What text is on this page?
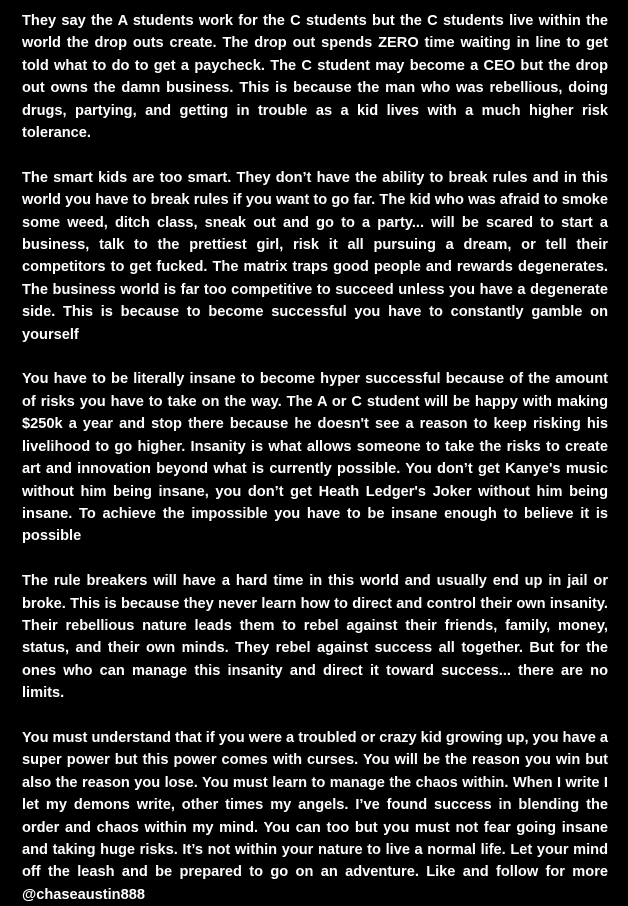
They say the A students work for the C students but the C students live within the world the drop outs create. The drop out spends ZERO time waiting in line to get told what to do to get a paycheck. The C student may become a CEO but the drop out owns the damn business. This is because the man who was rebellious, doing drugs, partying, and getting in trouble as a kid lives with a much higher risk tolerance.

The smart kids are too smart. They don’t have the ability to break rules and in this world you have to break rules if you want to go far. The kid who was afraid to smoke some weed, ditch class, sneak out and go to a party... will be scared to start a business, talk to the prettiest girl, risk it all pursuing a dream, or tell their competitors to get fucked. The matrix traps good people and rewards degenerates. The business world is far too competitive to succeed unless you have a degenerate side. This is because to become successful you have to constantly gamble on yourself

You have to be literally insane to become hyper successful because of the amount of risks you have to take on the way. The A or C student will be happy with making $250k a year and stop there because he doesn't see a reason to keep risking his livelihood to go higher. Insanity is what allows someone to take the risks to create art and innovation beyond what is currently possible. You don’t get Kanye's music without him being insane, you don’t get Heath Ledger's Joker without him being insane. To achieve the impossible you have to be insane enough to believe it is possible

The rule breakers will have a hard time in this world and usually end up in jail or broke. This is because they never learn how to direct and control their own insanity. Their rebellious nature leads them to rebel against their friends, family, money, status, and their own minds. They rebel against success all together. But for the ones who can manage this insanity and direct it toward success... there are no limits.

You must understand that if you were a troubled or crazy kid growing up, you have a super power but this power comes with curses. You will be the reason you win but also the reason you lose. You must learn to manage the chaos within. When I write I let my demons write, other times my angels. I’ve found success in blending the order and chaos within my mind. You can too but you must not fear going insane and taking huge risks. It’s not within your nature to live a normal life. Let your mind off the leash and be prepared to go on an adventure. Like and follow for more @chaseaustin888
